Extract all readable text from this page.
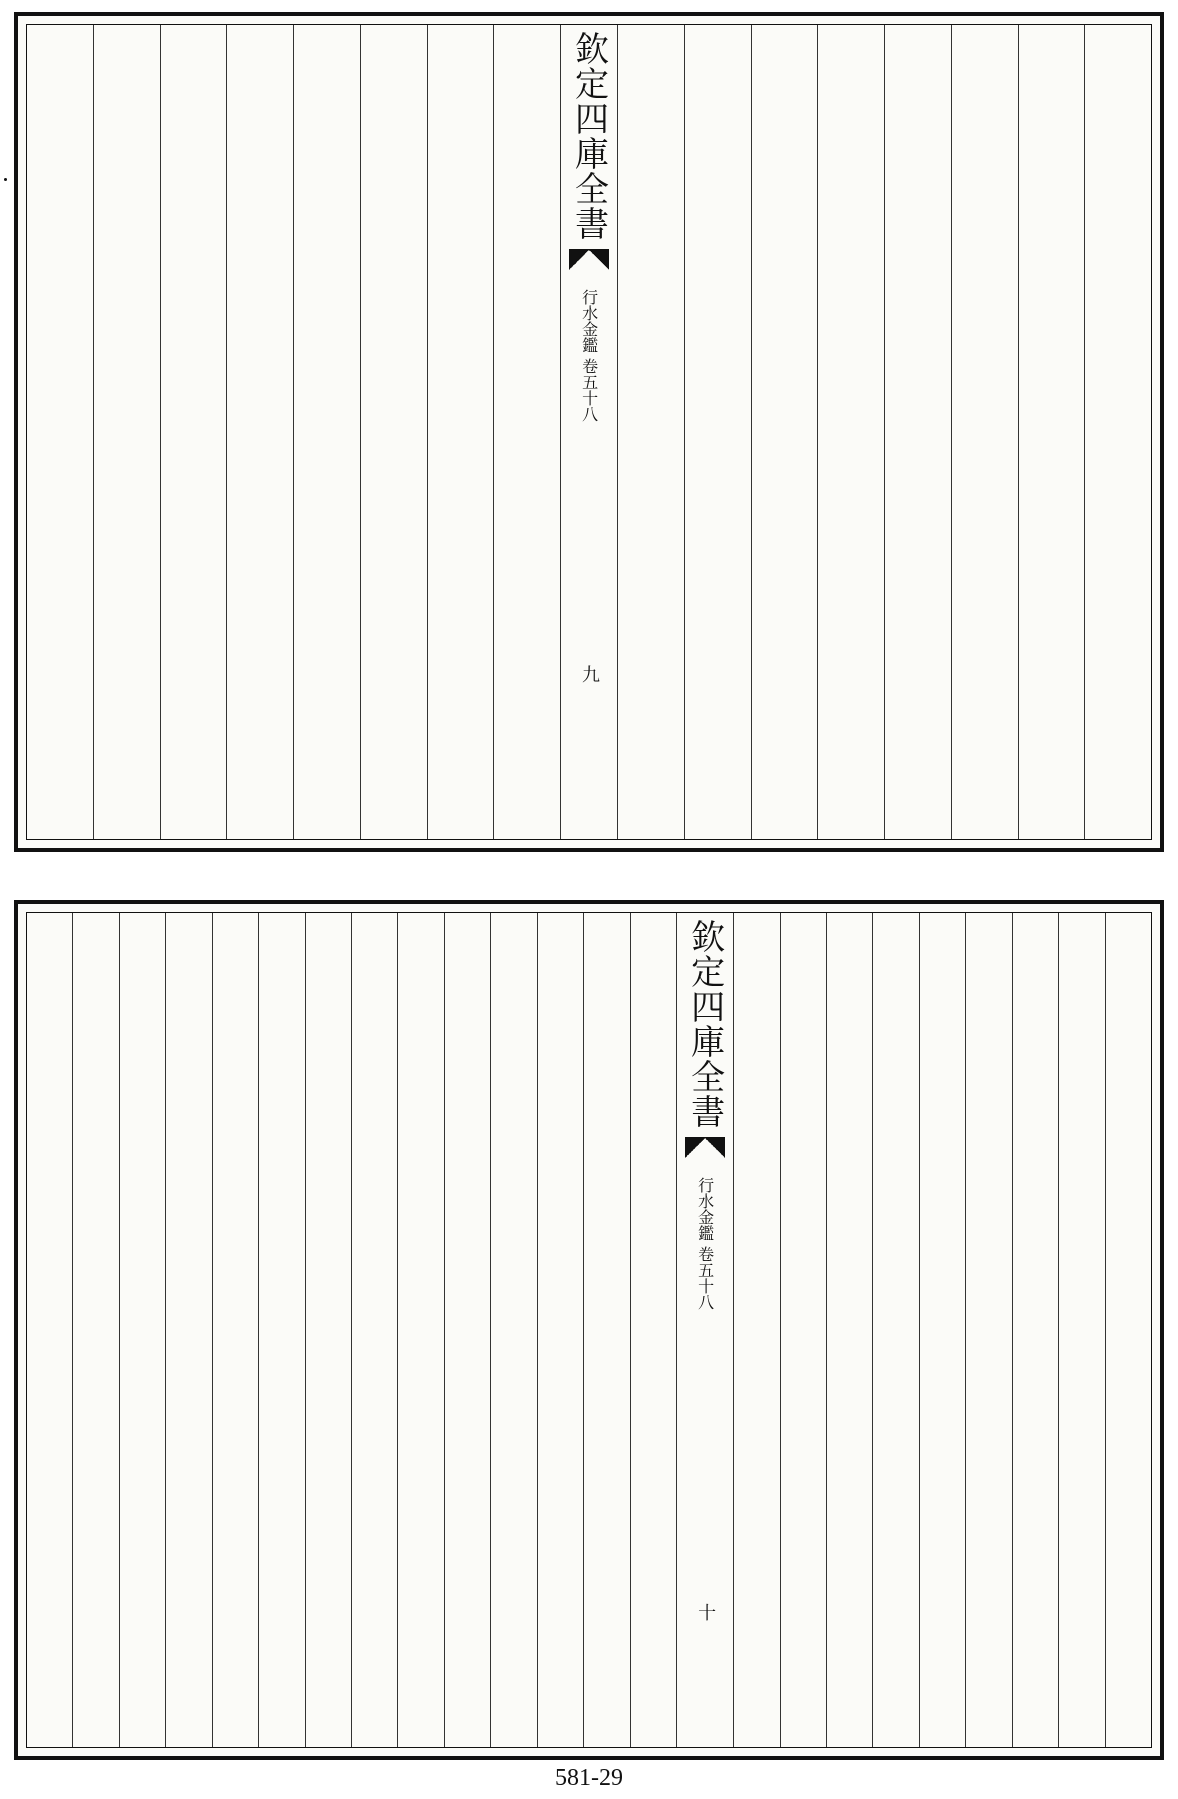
欽定四庫全書
行水金鑑 卷五十八
九
欽定四庫全書
行水金鑑 卷五十八
十
581-29
